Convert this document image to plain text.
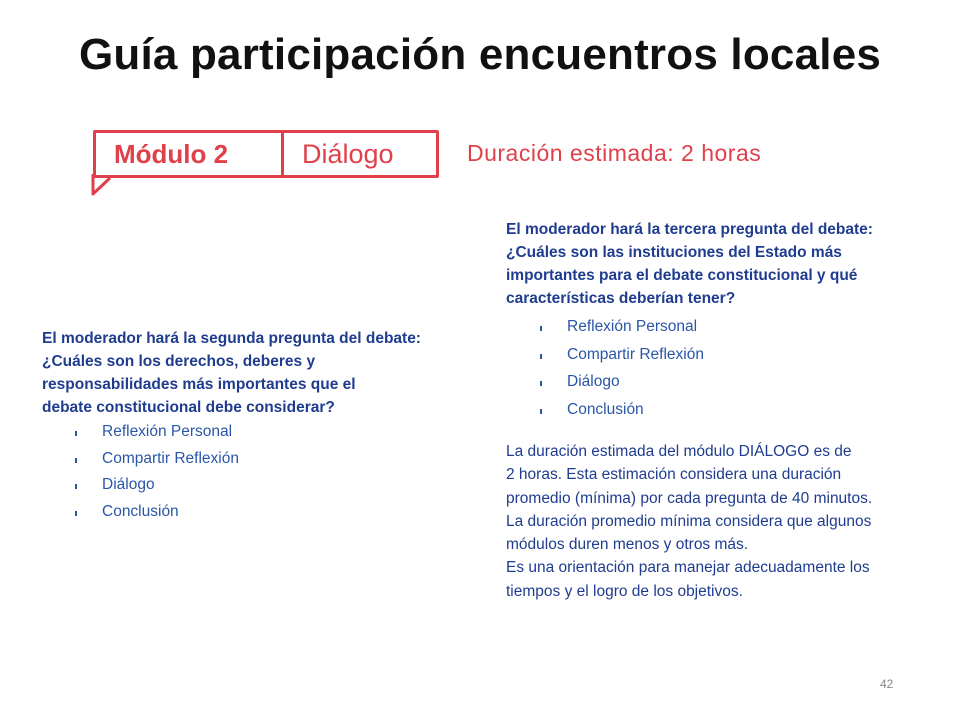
Guía participación encuentros locales
Módulo 2	Diálogo	Duración estimada: 2 horas
El moderador hará la segunda pregunta del debate:
¿Cuáles son los derechos, deberes y
responsabilidades más importantes que el
debate constitucional debe considerar?
Reflexión Personal
Compartir Reflexión
Diálogo
Conclusión
El moderador hará la tercera pregunta del debate:
¿Cuáles son las instituciones del Estado más
importantes para el debate constitucional y qué
características deberían tener?
Reflexión Personal
Compartir Reflexión
Diálogo
Conclusión
La duración estimada del módulo DIÁLOGO es de
2 horas. Esta estimación considera una duración
promedio (mínima) por cada pregunta de 40 minutos.
La duración promedio mínima considera que algunos
módulos duren menos y otros más.
Es una orientación para manejar adecuadamente los
tiempos y el logro de los objetivos.
42
